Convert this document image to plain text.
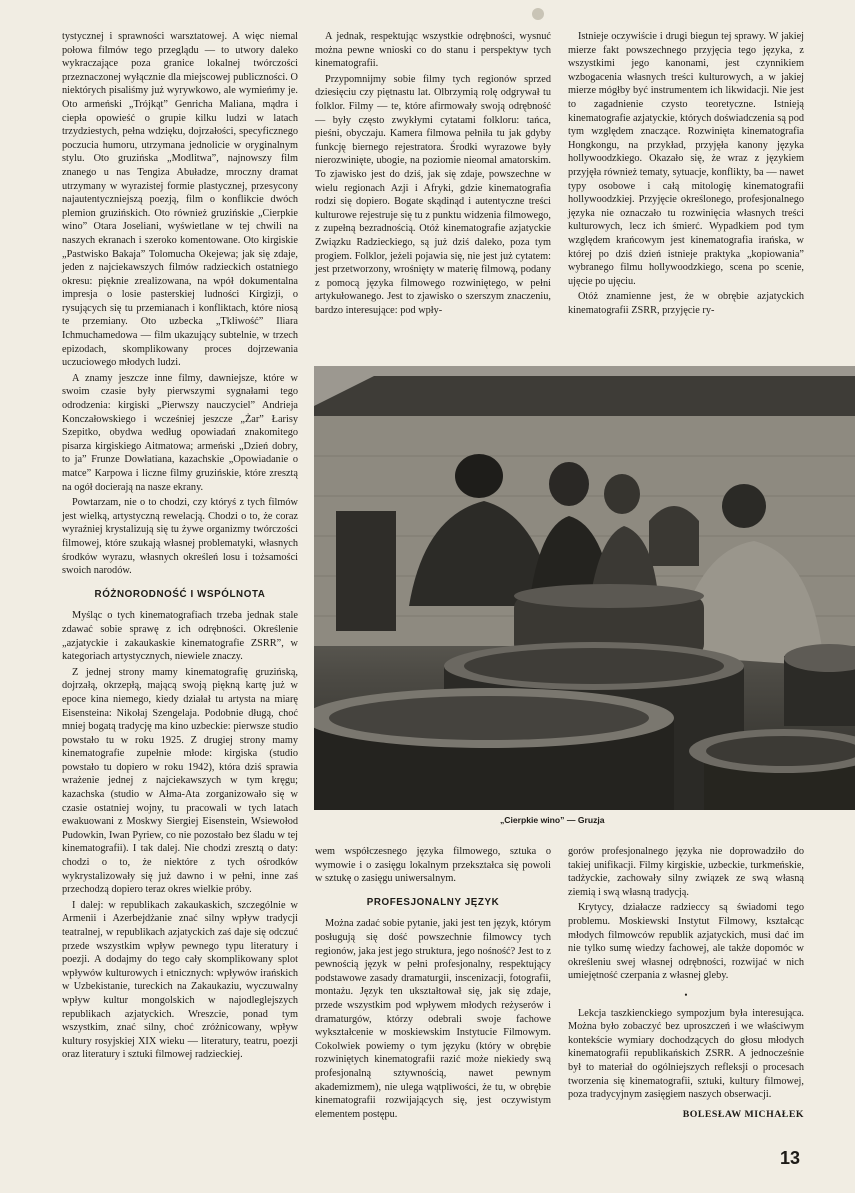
tystycznej i sprawności warsztatowej. A więc niemal połowa filmów tego przeglądu — to utwory daleko wykraczające poza granice lokalnej twórczości przeznaczonej wyłącznie dla miejscowej publiczności. O niektórych pisaliśmy już wyrywkowo, ale wymieńmy je. Oto armeński „Trójkąt” Genricha Maliana, mądra i ciepła opowieść o grupie kilku ludzi w latach trzydziestych, pełna wdzięku, dojrzałości, specyficznego poczucia humoru, utrzymana jednolicie w oryginalnym stylu. Oto gruzińska „Modlitwa”, najnowszy film znanego u nas Tengiza Abuładze, mroczny dramat utrzymany w wyrazistej formie plastycznej, przesycony najautentyczniejszą poezją, film o konflikcie dwóch plemion gruzińskich. Oto również gruzińskie „Cierpkie wino” Otara Joseliani, wyświetlane w tej chwili na naszych ekranach i szeroko komentowane. Oto kirgiskie „Pastwisko Bakaja” Tolomucha Okejewa; jak się zdaje, jeden z najciekawszych filmów radzieckich ostatniego okresu: pięknie zrealizowana, na wpół dokumentalna impresja o losie pasterskiej ludności Kirgizji, o rysujących się tu przemianach i konfliktach, które niosą te przemiany. Oto uzbecka „Tkliwość” Iliara Ichmuchamedowa — film ukazujący subtelnie, w trzech epizodach, skomplikowany proces dojrzewania uczuciowego młodych ludzi.

A znamy jeszcze inne filmy, dawniejsze, które w swoim czasie były pierwszymi sygnałami tego odrodzenia: kirgiski „Pierwszy nauczyciel” Andrieja Konczałowskiego i wcześniej jeszcze „Żar” Łarisy Szepitko, obydwa według opowiadań znakomitego pisarza kirgiskiego Aitmatowa; armeński „Dzień dobry, to ja” Frunze Dowłatiana, kazachskie „Opowiadanie o matce” Karpowa i liczne filmy gruzińskie, które zresztą na ogół docierają na nasze ekrany.

Powtarzam, nie o to chodzi, czy któryś z tych filmów jest wielką, artystyczną rewelacją. Chodzi o to, że coraz wyraźniej krystalizują się tu żywe organizmy twórczości filmowej, które szukają własnej problematyki, własnych środków wyrazu, własnych określeń losu i tożsamości swoich narodów.

RÓŻNORODNOŚĆ I WSPÓLNOTA

Myśląc o tych kinematografiach trzeba jednak stale zdawać sobie sprawę z ich odrębności. Określenie „azjatyckie i zakaukaskie kinematografie ZSRR”, w kategoriach artystycznych, niewiele znaczy.

Z jednej strony mamy kinematografię gruzińską, dojrzałą, okrzepłą, mającą swoją piękną kartę już w epoce kina niemego, kiedy działał tu artysta na miarę Eisensteina: Nikołaj Szengelaja. Podobnie długą, choć mniej bogatą tradycję ma kino uzbeckie: pierwsze studio powstało tu w roku 1925. Z drugiej strony mamy kinematografie zupełnie młode: kirgiska (studio powstało tu dopiero w roku 1942), która dziś sprawia wrażenie jednej z najciekawszych w tym kręgu; kazachska (studio w Ałma-Ata zorganizowało się w czasie ostatniej wojny, tu pracowali w tych latach ewakuowani z Moskwy Siergiej Eisenstein, Wsiewołod Pudowkin, Iwan Pyriew, co nie pozostało bez śladu w tej kinematografii). I tak dalej. Nie chodzi zresztą o daty: chodzi o to, że niektóre z tych ośrodków wykrystalizowały się już dawno i w pełni, inne zaś przechodzą dopiero teraz okres wielkie próby.

I dalej: w republikach zakaukaskich, szczególnie w Armenii i Azerbejdżanie znać silny wpływ tradycji teatralnej, w republikach azjatyckich zaś daje się odczuć przede wszystkim wpływ pewnego typu literatury i poezji. A dodajmy do tego cały skomplikowany splot wpływów kulturowych i etnicznych: wpływów irańskich w Uzbekistanie, tureckich na Zakaukaziu, wyczuwalny wpływ kultur mongolskich w najodleglejszych republikach azjatyckich. Wreszcie, ponad tym wszystkim, znać silny, choć zróżnicowany, wpływ kultury rosyjskiej XIX wieku — literatury, teatru, poezji oraz literatury i sztuki filmowej radzieckiej.

A jednak, respektując wszystkie odrębności, wysnuć można pewne wnioski co do stanu i perspektyw tych kinematografii.

Przypomnijmy sobie filmy tych regionów sprzed dziesięciu czy piętnastu lat. Olbrzymią rolę odgrywał tu folklor. Filmy — te, które afirmowały swoją odrębność — były często zwykłymi cytatami folkloru: tańca, pieśni, obyczaju. Kamera filmowa pełniła tu jak gdyby funkcję biernego rejestratora. Środki wyrazowe były nierozwinięte, ubogie, na poziomie nieomal amatorskim. To zjawisko jest do dziś, jak się zdaje, powszechne w wielu regionach Azji i Afryki, gdzie kinematografia rodzi się dopiero. Bogate skądinąd i autentyczne treści kulturowe rejestruje się tu z punktu widzenia filmowego, z zupełną bezradnością. Otóż kinematografie azjatyckie Związku Radzieckiego, są już dziś daleko, poza tym progiem. Folklor, jeżeli pojawia się, nie jest już cytatem: jest przetworzony, wrośnięty w materię filmową, podany z pomocą języka filmowego rozwiniętego, w pełni artykułowanego. Jest to zjawisko o szerszym znaczeniu, bardzo interesujące: pod wpły-

Istnieje oczywiście i drugi biegun tej sprawy. W jakiej mierze fakt powszechnego przyjęcia tego języka, z wszystkimi jego kanonami, jest czynnikiem wzbogacenia własnych treści kulturowych, a w jakiej mierze mógłby być instrumentem ich likwidacji. Nie jest to zagadnienie czysto teoretyczne. Istnieją kinematografie azjatyckie, których doświadczenia są pod tym względem znaczące. Rozwinięta kinematografia Hongkongu, na przykład, przyjęła kanony języka hollywoodzkiego. Okazało się, że wraz z językiem przyjęła również tematy, sytuacje, konflikty, ba — nawet typy osobowe i całą mitologię kinematografii hollywoodzkiej. Przyjęcie określonego, profesjonalnego języka nie oznaczało tu rozwinięcia własnych treści kulturowych, lecz ich śmierć. Wypadkiem pod tym względem krańcowym jest kinematografia irańska, w której po dziś dzień istnieje praktyka „kopiowania” wybranego filmu hollywoodzkiego, scena po scenie, ujęcie po ujęciu.

Otóż znamienne jest, że w obrębie azjatyckich kinematografii ZSRR, przyjęcie ry-

„Cierpkie wino” — Gruzja

wem współczesnego języka filmowego, sztuka o wymowie i o zasięgu lokalnym przekształca się powoli w sztukę o zasięgu uniwersalnym.

PROFESJONALNY JĘZYK

Można zadać sobie pytanie, jaki jest ten język, którym posługują się dość powszechnie filmowcy tych regionów, jaka jest jego struktura, jego nośność? Jest to z pewnością język w pełni profesjonalny, respektujący podstawowe zasady dramaturgii, inscenizacji, fotografii, montażu. Język ten ukształtował się, jak się zdaje, przede wszystkim pod wpływem młodych reżyserów i dramaturgów, którzy odebrali swoje fachowe wykształcenie w moskiewskim Instytucie Filmowym. Cokolwiek powiemy o tym języku (który w obrębie rozwiniętych kinematografii razić może niekiedy swą profesjonalną sztywnością, nawet pewnym akademizmem), nie ulega wątpliwości, że tu, w obrębie kinematografii rozwijających się, jest oczywistym elementem postępu.

gorów profesjonalnego języka nie doprowadziło do takiej unifikacji. Filmy kirgiskie, uzbeckie, turkmeńskie, tadżyckie, zachowały silny związek ze swą własną ziemią i swą własną tradycją.

Krytycy, działacze radzieccy są świadomi tego problemu. Moskiewski Instytut Filmowy, kształcąc młodych filmowców republik azjatyckich, musi dać im nie tylko sumę wiedzy fachowej, ale także dopomóc w określeniu swej własnej odrębności, rozwijać w nich umiejętność czerpania z własnej gleby.

•

Lekcja taszkienckiego sympozjum była interesująca. Można było zobaczyć bez uproszczeń i we właściwym kontekście wymiary dochodzących do głosu młodych kinematografii republikańskich ZSRR. A jednocześnie był to materiał do ogólniejszych refleksji o procesach tworzenia się kinematografii, sztuki, kultury filmowej, poza tradycyjnym zasięgiem naszych obserwacji.

BOLESŁAW MICHAŁEK
13
